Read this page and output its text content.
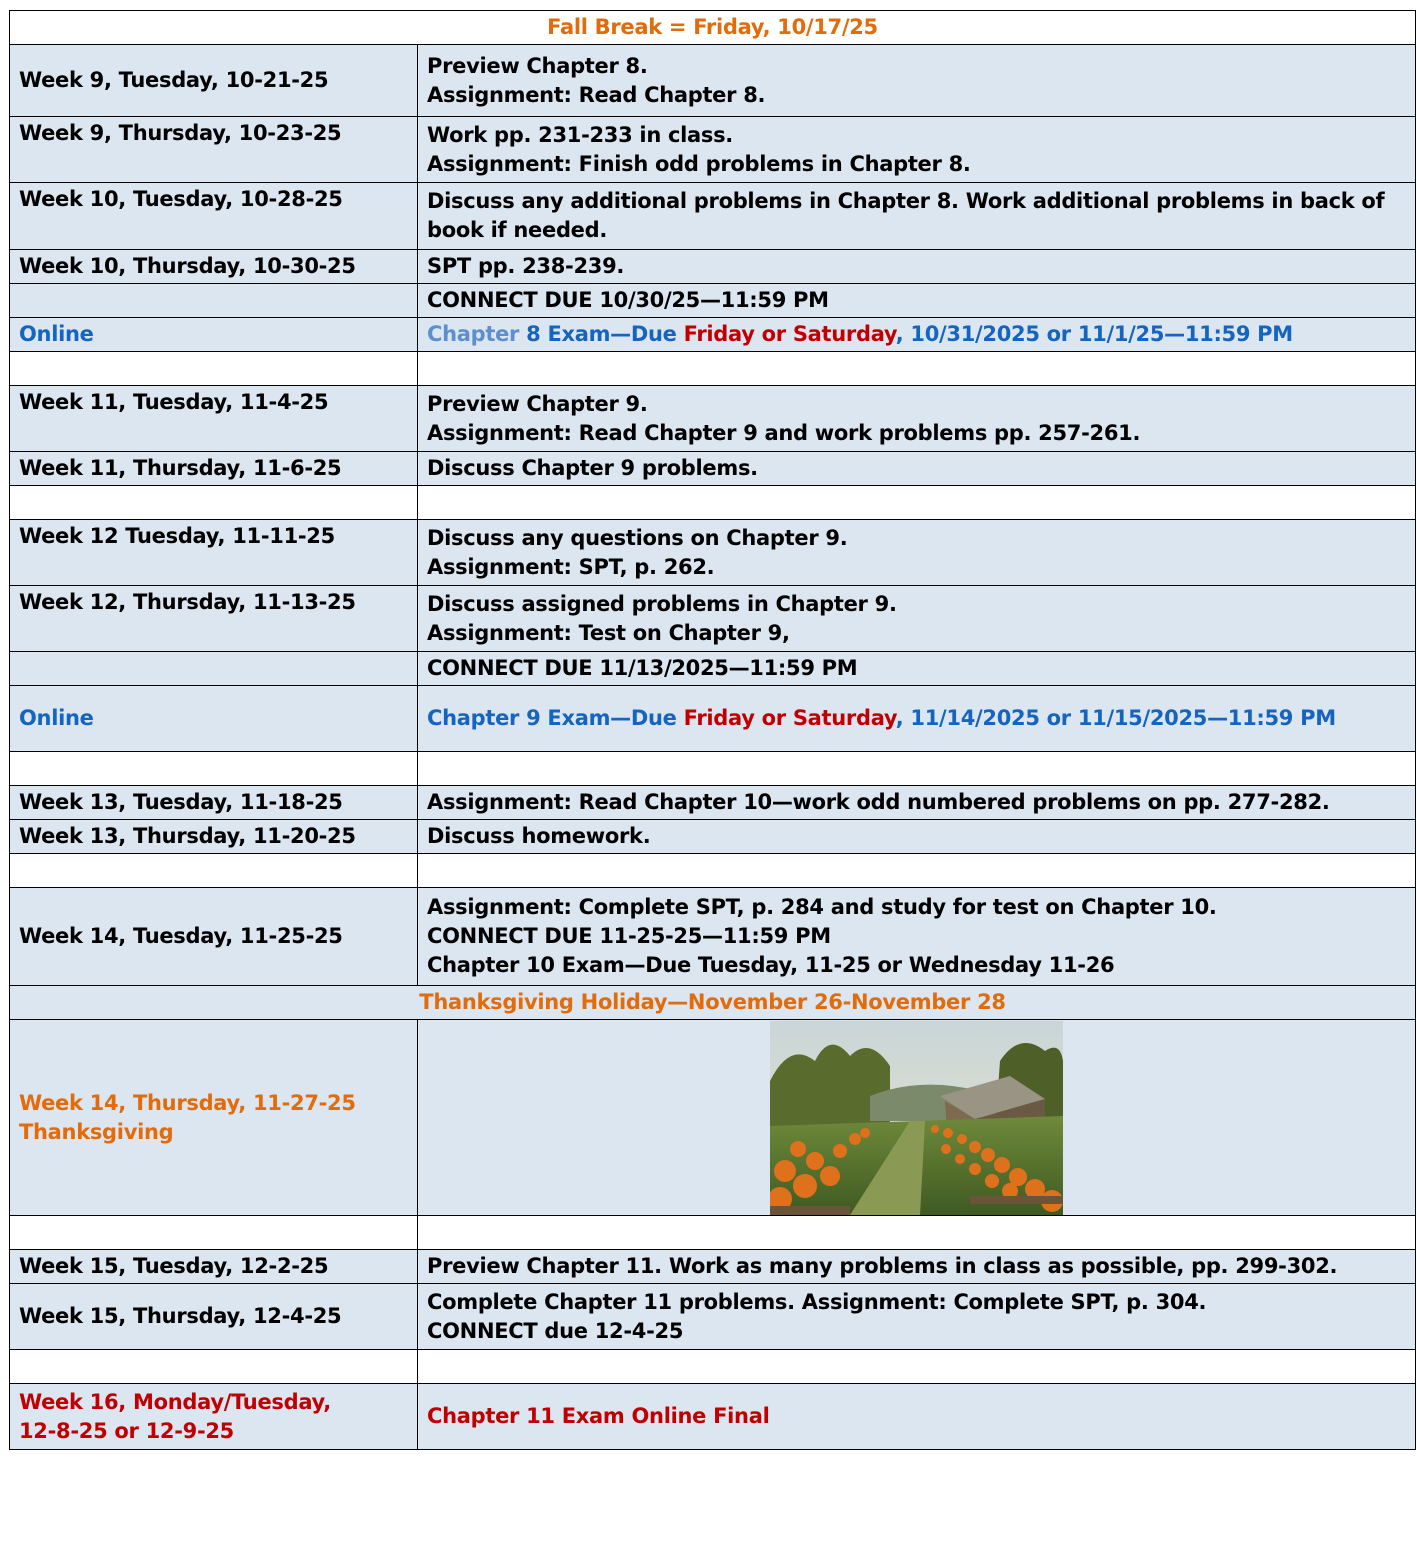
Fall Break = Friday, 10/17/25	
Week 9, Tuesday, 10-21-25	Preview Chapter 8.
Assignment: Read Chapter 8.

Week 9, Thursday, 10-23-25	Work pp. 231-233 in class.
Assignment: Finish odd problems in Chapter 8.

Week 10, Tuesday, 10-28-25	Discuss any additional problems in Chapter 8. Work additional problems in back of book if needed.
Week 10, Thursday, 10-30-25	SPT pp. 238-239.
	CONNECT DUE 10/30/25—11:59 PM
Online	Chapter 8 Exam—Due Friday or Saturday, 10/31/2025 or 11/1/25—11:59 PM

Week 11, Tuesday, 11-4-25	Preview Chapter 9.
Assignment: Read Chapter 9 and work problems pp. 257-261.

Week 11, Thursday, 11-6-25	Discuss Chapter 9 problems.

Week 12 Tuesday, 11-11-25	Discuss any questions on Chapter 9.
Assignment: SPT, p. 262.

Week 12, Thursday, 11-13-25	Discuss assigned problems in Chapter 9.
Assignment: Test on Chapter 9,

	CONNECT DUE 11/13/2025—11:59 PM
Online	Chapter 9 Exam—Due Friday or Saturday, 11/14/2025 or 11/15/2025—11:59 PM

Week 13, Tuesday, 11-18-25	Assignment: Read Chapter 10—work odd numbered problems on pp. 277-282.
Week 13, Thursday, 11-20-25	Discuss homework.

Week 14, Tuesday, 11-25-25	Assignment: Complete SPT, p. 284 and study for test on Chapter 10.
CONNECT DUE 11-25-25—11:59 PM
Chapter 10 Exam—Due Tuesday, 11-25 or Wednesday 11-26

Thanksgiving Holiday—November 26-November 28	

Week 14, Thursday, 11-27-25
Thanksgiving

Week 15, Tuesday, 12-2-25	Preview Chapter 11. Work as many problems in class as possible, pp. 299-302.
Week 15, Thursday, 12-4-25	Complete Chapter 11 problems. Assignment: Complete SPT, p. 304.
CONNECT due 12-4-25

Week 16, Monday/Tuesday,
12-8-25 or 12-9-25	Chapter 11 Exam Online Final
